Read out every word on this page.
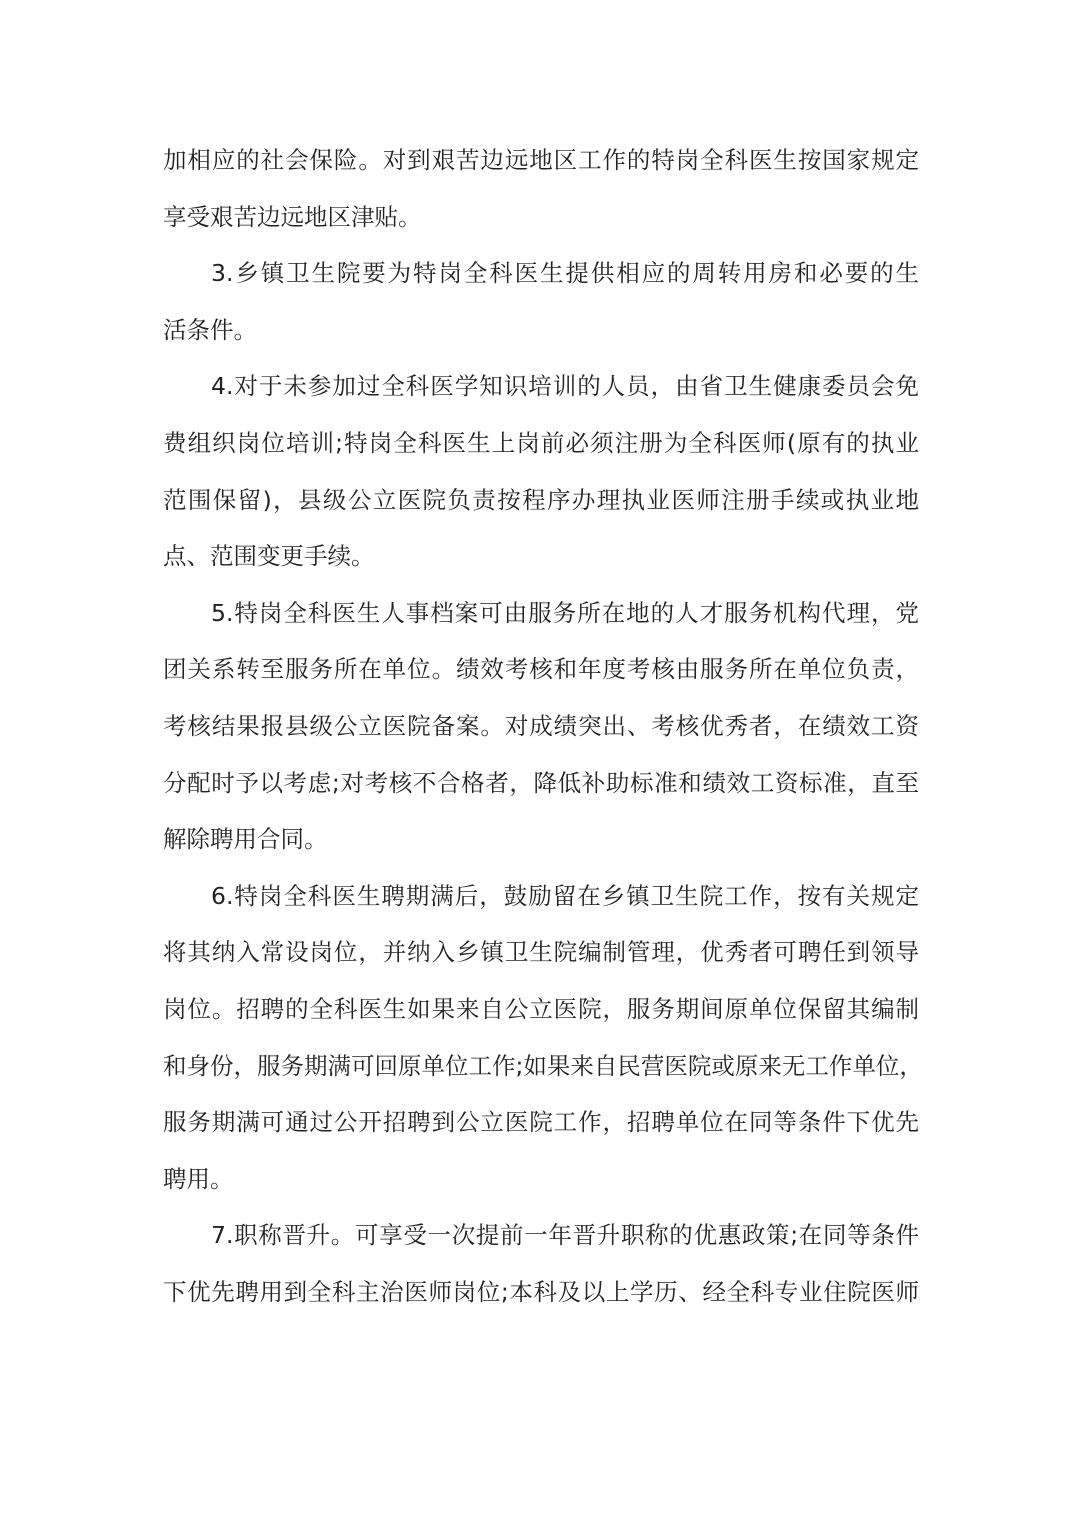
加相应的社会保险。对到艰苦边远地区工作的特岗全科医生按国家规定
享受艰苦边远地区津贴。
3.乡镇卫生院要为特岗全科医生提供相应的周转用房和必要的生
活条件。
4.对于未参加过全科医学知识培训的人员，由省卫生健康委员会免
费组织岗位培训;特岗全科医生上岗前必须注册为全科医师(原有的执业
范围保留)，县级公立医院负责按程序办理执业医师注册手续或执业地
点、范围变更手续。
5.特岗全科医生人事档案可由服务所在地的人才服务机构代理，党
团关系转至服务所在单位。绩效考核和年度考核由服务所在单位负责，
考核结果报县级公立医院备案。对成绩突出、考核优秀者，在绩效工资
分配时予以考虑;对考核不合格者，降低补助标准和绩效工资标准，直至
解除聘用合同。
6.特岗全科医生聘期满后，鼓励留在乡镇卫生院工作，按有关规定
将其纳入常设岗位，并纳入乡镇卫生院编制管理，优秀者可聘任到领导
岗位。招聘的全科医生如果来自公立医院，服务期间原单位保留其编制
和身份，服务期满可回原单位工作;如果来自民营医院或原来无工作单位，
服务期满可通过公开招聘到公立医院工作，招聘单位在同等条件下优先
聘用。
7.职称晋升。可享受一次提前一年晋升职称的优惠政策;在同等条件
下优先聘用到全科主治医师岗位;本科及以上学历、经全科专业住院医师
